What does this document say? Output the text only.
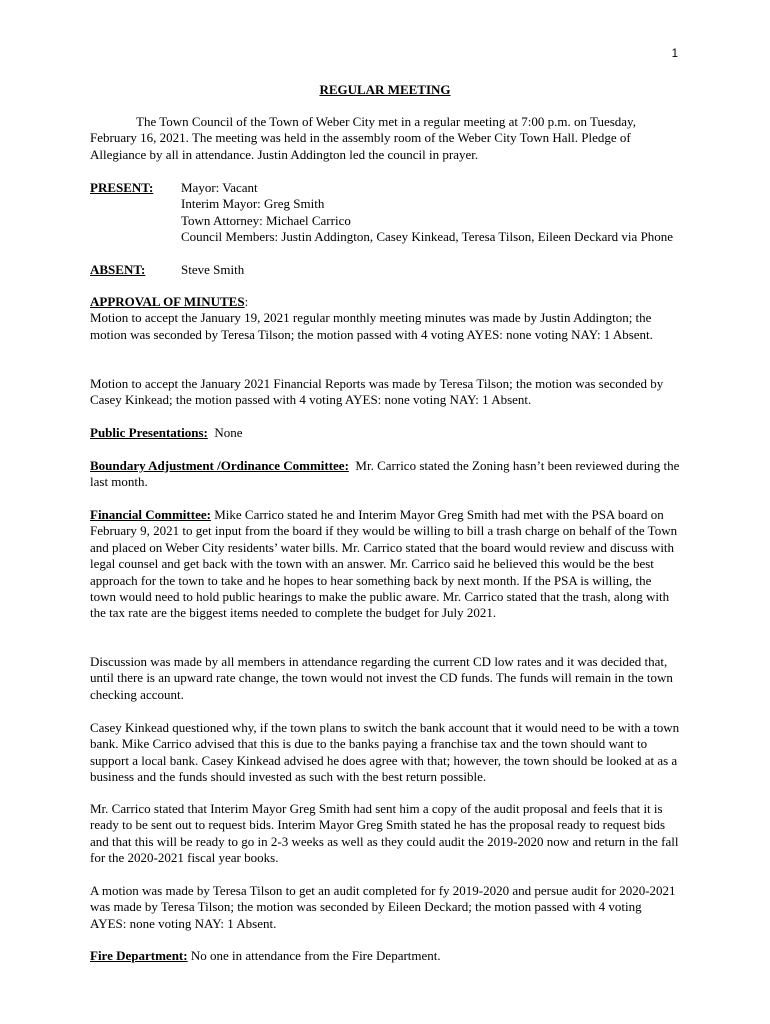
1
REGULAR MEETING
The Town Council of the Town of Weber City met in a regular meeting at 7:00 p.m. on Tuesday, February 16, 2021. The meeting was held in the assembly room of the Weber City Town Hall. Pledge of Allegiance by all in attendance. Justin Addington led the council in prayer.
PRESENT: Mayor: Vacant
Interim Mayor: Greg Smith
Town Attorney: Michael Carrico
Council Members: Justin Addington, Casey Kinkead, Teresa Tilson, Eileen Deckard via Phone
ABSENT:	Steve Smith
APPROVAL OF MINUTES:
Motion to accept the January 19, 2021 regular monthly meeting minutes was made by Justin Addington; the motion was seconded by Teresa Tilson; the motion passed with 4 voting AYES: none voting NAY: 1 Absent.
Motion to accept the January 2021 Financial Reports was made by Teresa Tilson; the motion was seconded by Casey Kinkead; the motion passed with 4 voting AYES: none voting NAY: 1 Absent.
Public Presentations: None
Boundary Adjustment /Ordinance Committee: Mr. Carrico stated the Zoning hasn’t been reviewed during the last month.
Financial Committee: Mike Carrico stated he and Interim Mayor Greg Smith had met with the PSA board on February 9, 2021 to get input from the board if they would be willing to bill a trash charge on behalf of the Town and placed on Weber City residents’ water bills. Mr. Carrico stated that the board would review and discuss with legal counsel and get back with the town with an answer. Mr. Carrico said he believed this would be the best approach for the town to take and he hopes to hear something back by next month. If the PSA is willing, the town would need to hold public hearings to make the public aware. Mr. Carrico stated that the trash, along with the tax rate are the biggest items needed to complete the budget for July 2021.
Discussion was made by all members in attendance regarding the current CD low rates and it was decided that, until there is an upward rate change, the town would not invest the CD funds. The funds will remain in the town checking account.
Casey Kinkead questioned why, if the town plans to switch the bank account that it would need to be with a town bank. Mike Carrico advised that this is due to the banks paying a franchise tax and the town should want to support a local bank. Casey Kinkead advised he does agree with that; however, the town should be looked at as a business and the funds should invested as such with the best return possible.
Mr. Carrico stated that Interim Mayor Greg Smith had sent him a copy of the audit proposal and feels that it is ready to be sent out to request bids. Interim Mayor Greg Smith stated he has the proposal ready to request bids and that this will be ready to go in 2-3 weeks as well as they could audit the 2019-2020 now and return in the fall for the 2020-2021 fiscal year books.
A motion was made by Teresa Tilson to get an audit completed for fy 2019-2020 and persue audit for 2020-2021 was made by Teresa Tilson; the motion was seconded by Eileen Deckard; the motion passed with 4 voting AYES: none voting NAY: 1 Absent.
Fire Department: No one in attendance from the Fire Department.
